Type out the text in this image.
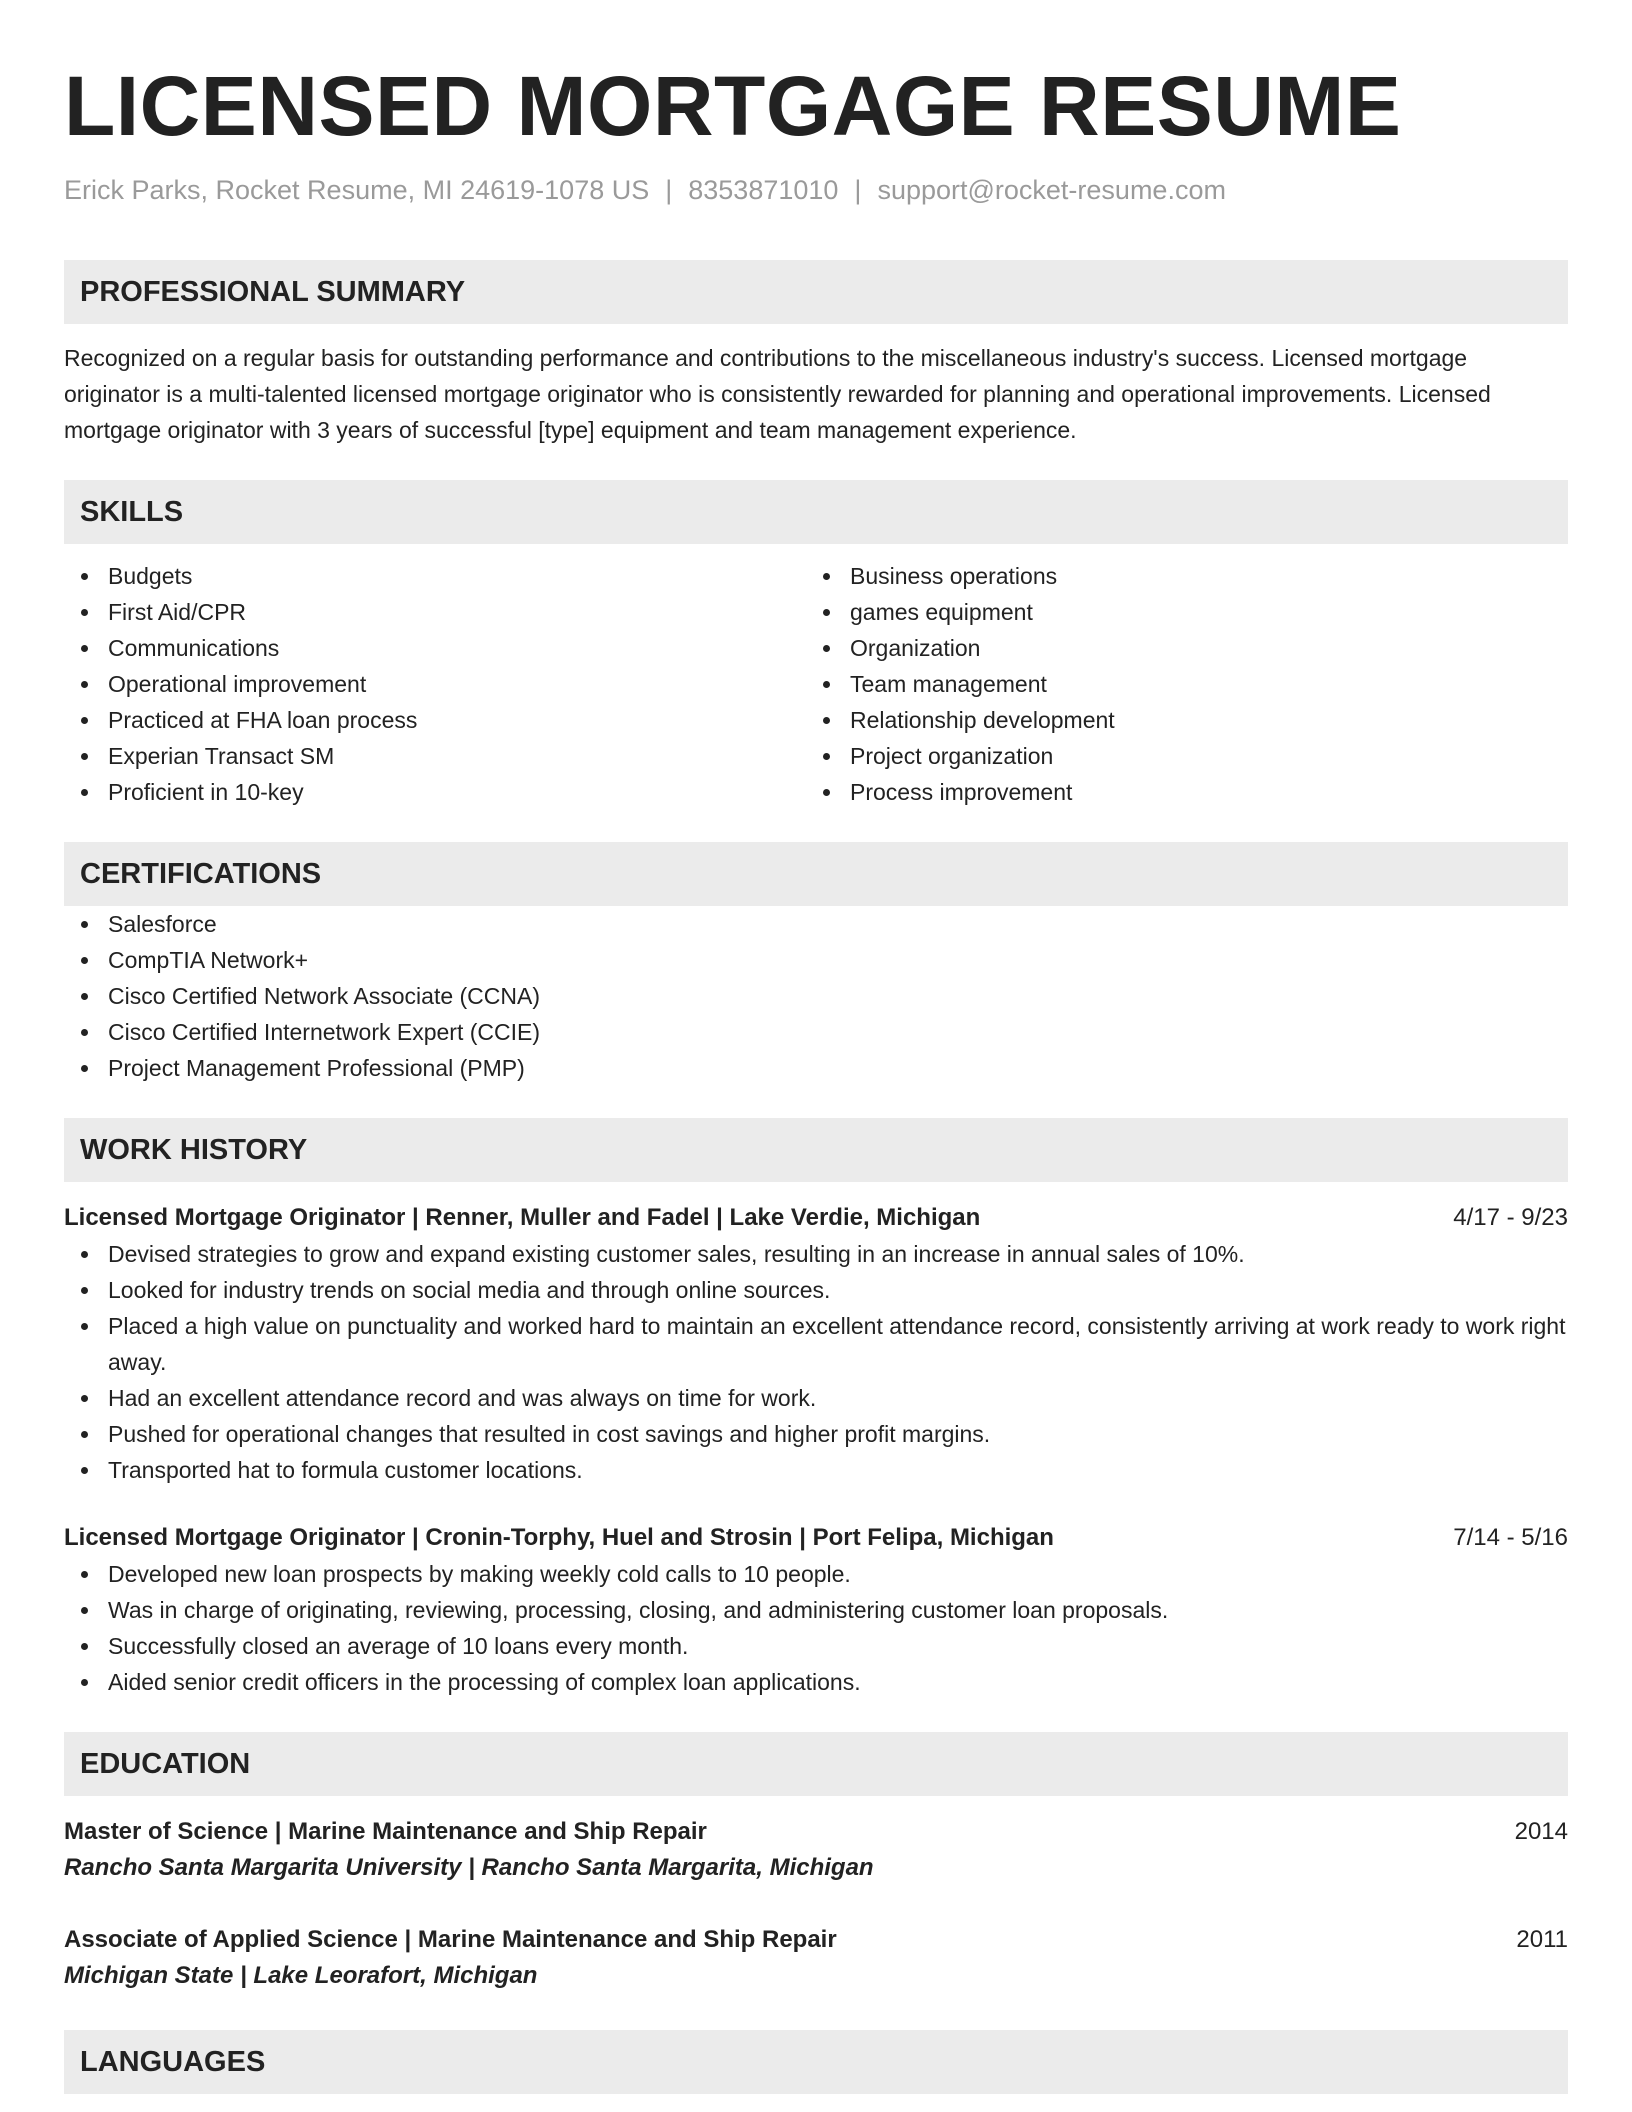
LICENSED MORTGAGE RESUME
Erick Parks, Rocket Resume, MI 24619-1078 US | 8353871010 | support@rocket-resume.com
PROFESSIONAL SUMMARY
Recognized on a regular basis for outstanding performance and contributions to the miscellaneous industry's success. Licensed mortgage originator is a multi-talented licensed mortgage originator who is consistently rewarded for planning and operational improvements. Licensed mortgage originator with 3 years of successful [type] equipment and team management experience.
SKILLS
Budgets
First Aid/CPR
Communications
Operational improvement
Practiced at FHA loan process
Experian Transact SM
Proficient in 10-key
Business operations
games equipment
Organization
Team management
Relationship development
Project organization
Process improvement
CERTIFICATIONS
Salesforce
CompTIA Network+
Cisco Certified Network Associate (CCNA)
Cisco Certified Internetwork Expert (CCIE)
Project Management Professional (PMP)
WORK HISTORY
Licensed Mortgage Originator | Renner, Muller and Fadel | Lake Verdie, Michigan	4/17 - 9/23
Devised strategies to grow and expand existing customer sales, resulting in an increase in annual sales of 10%.
Looked for industry trends on social media and through online sources.
Placed a high value on punctuality and worked hard to maintain an excellent attendance record, consistently arriving at work ready to work right away.
Had an excellent attendance record and was always on time for work.
Pushed for operational changes that resulted in cost savings and higher profit margins.
Transported hat to formula customer locations.
Licensed Mortgage Originator | Cronin-Torphy, Huel and Strosin | Port Felipa, Michigan	7/14 - 5/16
Developed new loan prospects by making weekly cold calls to 10 people.
Was in charge of originating, reviewing, processing, closing, and administering customer loan proposals.
Successfully closed an average of 10 loans every month.
Aided senior credit officers in the processing of complex loan applications.
EDUCATION
Master of Science | Marine Maintenance and Ship Repair	2014
Rancho Santa Margarita University | Rancho Santa Margarita, Michigan
Associate of Applied Science | Marine Maintenance and Ship Repair	2011
Michigan State | Lake Leorafort, Michigan
LANGUAGES
